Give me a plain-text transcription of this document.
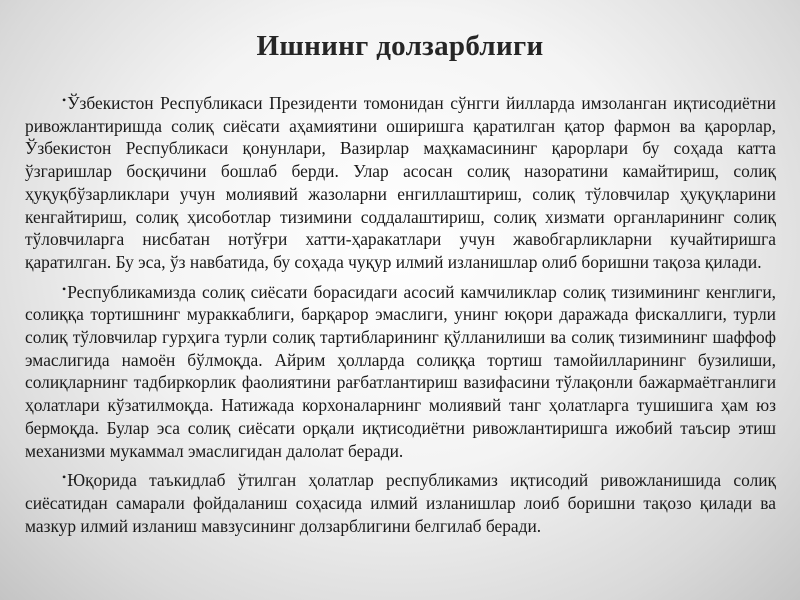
Ишнинг долзарблиги

•Ўзбекистон Республикаси Президенти томонидан сўнгги йилларда имзоланган иқтисодиётни ривожлантиришда солиқ сиёсати аҳамиятини оширишга қаратилган қатор фармон ва қарорлар, Ўзбекистон Республикаси қонунлари, Вазирлар маҳкамасининг қарорлари бу соҳада катта ўзгаришлар босқичини бошлаб берди. Улар асосан солиқ назоратини камайтириш, солиқ ҳуқуқбўзарликлари учун молиявий жазоларни енгиллаштириш, солиқ тўловчилар ҳуқуқларини кенгайтириш, солиқ ҳисоботлар тизимини соддалаштириш, солиқ хизмати органларининг солиқ тўловчиларга нисбатан нотўғри хатти-ҳаракатлари учун жавобгарликларни кучайтиришга қаратилган. Бу эса, ўз навбатида, бу соҳада чуқур илмий изланишлар олиб боришни тақоза қилади.

•Республикамизда солиқ сиёсати борасидаги асосий камчиликлар солиқ тизимининг кенглиги, солиққа тортишнинг мураккаблиги, барқарор эмаслиги, унинг юқори даражада фискаллиги, турли солиқ тўловчилар гурҳига турли солиқ тартибларининг қўлланилиши ва солиқ тизимининг шаффоф эмаслигида намоён бўлмоқда. Айрим ҳолларда солиққа тортиш тамойилларининг бузилиши, солиқларнинг тадбиркорлик фаолиятини рағбатлантириш вазифасини тўлақонли бажармаётганлиги ҳолатлари кўзатилмоқда. Натижада корхоналарнинг молиявий танг ҳолатларга тушишига ҳам юз бермоқда. Булар эса солиқ сиёсати орқали иқтисодиётни ривожлантиришга ижобий таъсир этиш механизми мукаммал эмаслигидан далолат беради.

•Юқорида таъкидлаб ўтилган ҳолатлар республикамиз иқтисодий ривожланишида солиқ сиёсатидан самарали фойдаланиш соҳасида илмий изланишлар лоиб боришни тақозо қилади ва мазкур илмий изланиш мавзусининг долзарблигини белгилаб беради.
